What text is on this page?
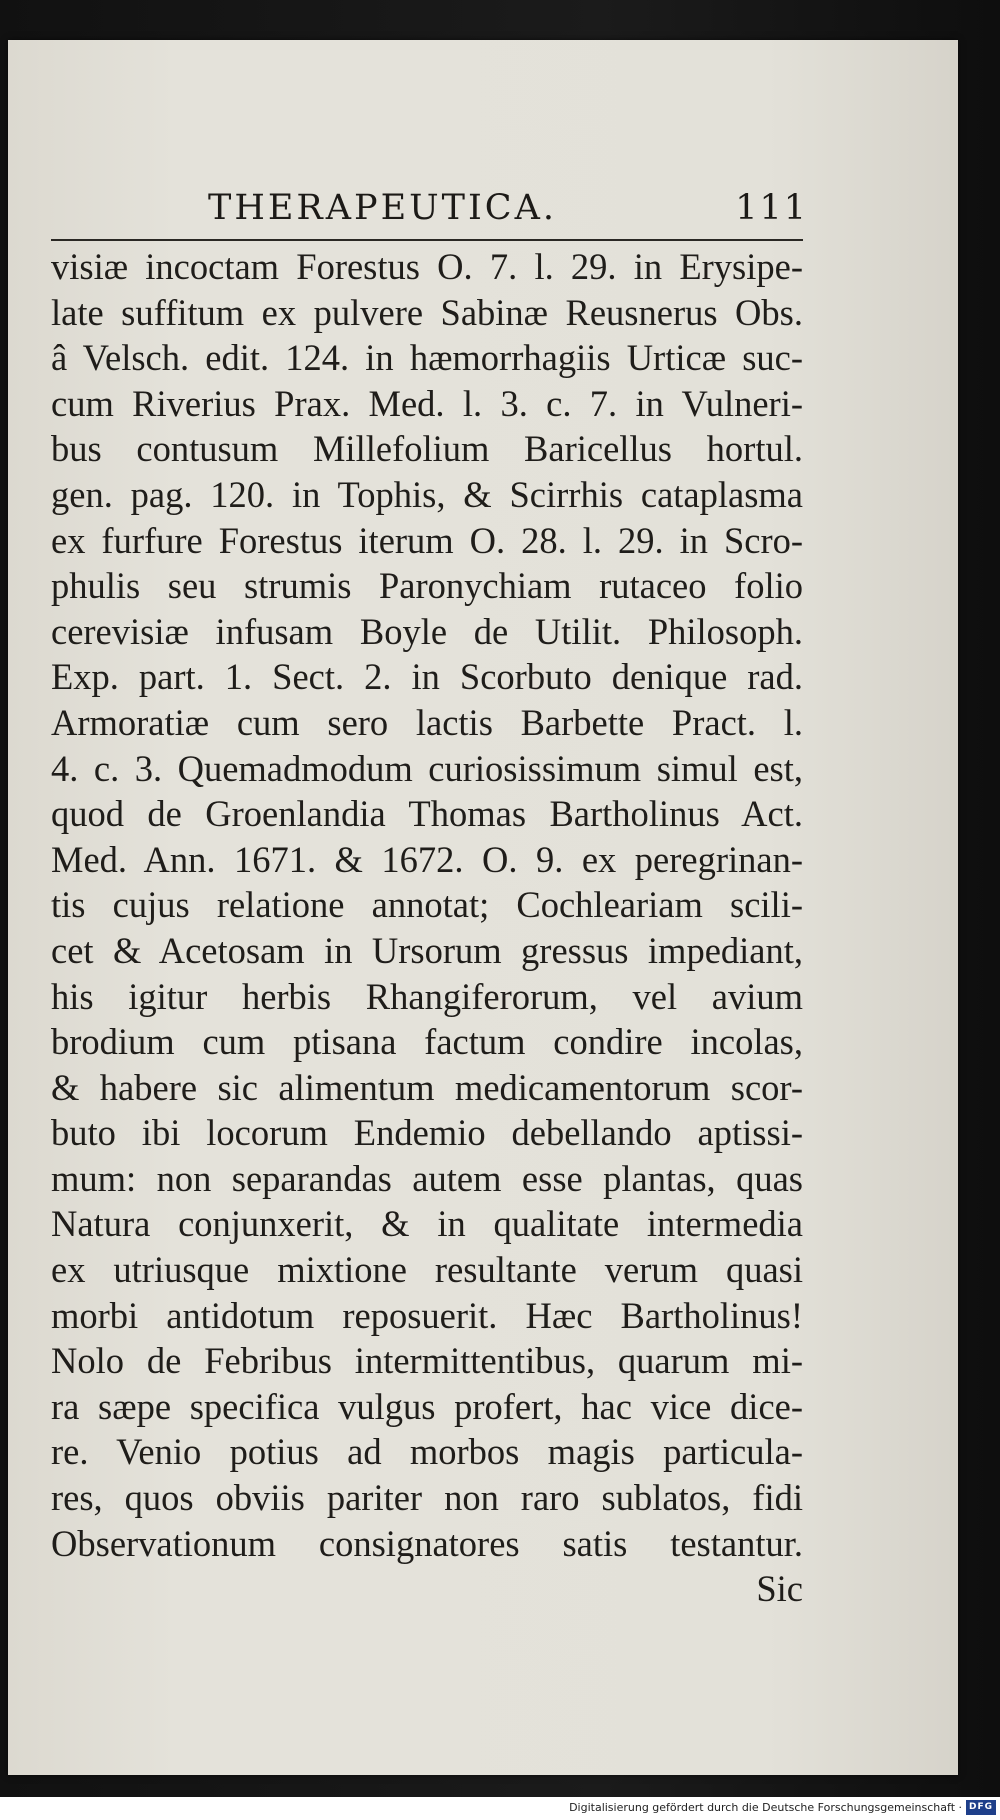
THERAPEUTICA.	111
visiæ incoctam Forestus O. 7. l. 29. in Erysipe-
late suffitum ex pulvere Sabinæ Reusnerus Obs.
â Velsch. edit. 124. in hæmorrhagiis Urticæ suc-
cum Riverius Prax. Med. l. 3. c. 7. in Vulneri-
bus contusum Millefolium Baricellus hortul.
gen. pag. 120. in Tophis, & Scirrhis cataplasma
ex furfure Forestus iterum O. 28. l. 29. in Scro-
phulis seu strumis Paronychiam rutaceo folio
cerevisiæ infusam Boyle de Utilit. Philosoph.
Exp. part. 1. Sect. 2. in Scorbuto denique rad.
Armoratiæ cum sero lactis Barbette Pract. l.
4. c. 3. Quemadmodum curiosissimum simul est,
quod de Groenlandia Thomas Bartholinus Act.
Med. Ann. 1671. & 1672. O. 9. ex peregrinan-
tis cujus relatione annotat; Cochleariam scili-
cet & Acetosam in Ursorum gressus impediant,
his igitur herbis Rhangiferorum, vel avium
brodium cum ptisana factum condire incolas,
& habere sic alimentum medicamentorum scor-
buto ibi locorum Endemio debellando aptissi-
mum: non separandas autem esse plantas, quas
Natura conjunxerit, & in qualitate intermedia
ex utriusque mixtione resultante verum quasi
morbi antidotum reposuerit. Hæc Bartholinus!
Nolo de Febribus intermittentibus, quarum mi-
ra sæpe specifica vulgus profert, hac vice dice-
re. Venio potius ad morbos magis particula-
res, quos obviis pariter non raro sublatos, fidi
Observationum consignatores satis testantur.
Sic
Digitalisierung gefördert durch die Deutsche Forschungsgemeinschaft · DFG
